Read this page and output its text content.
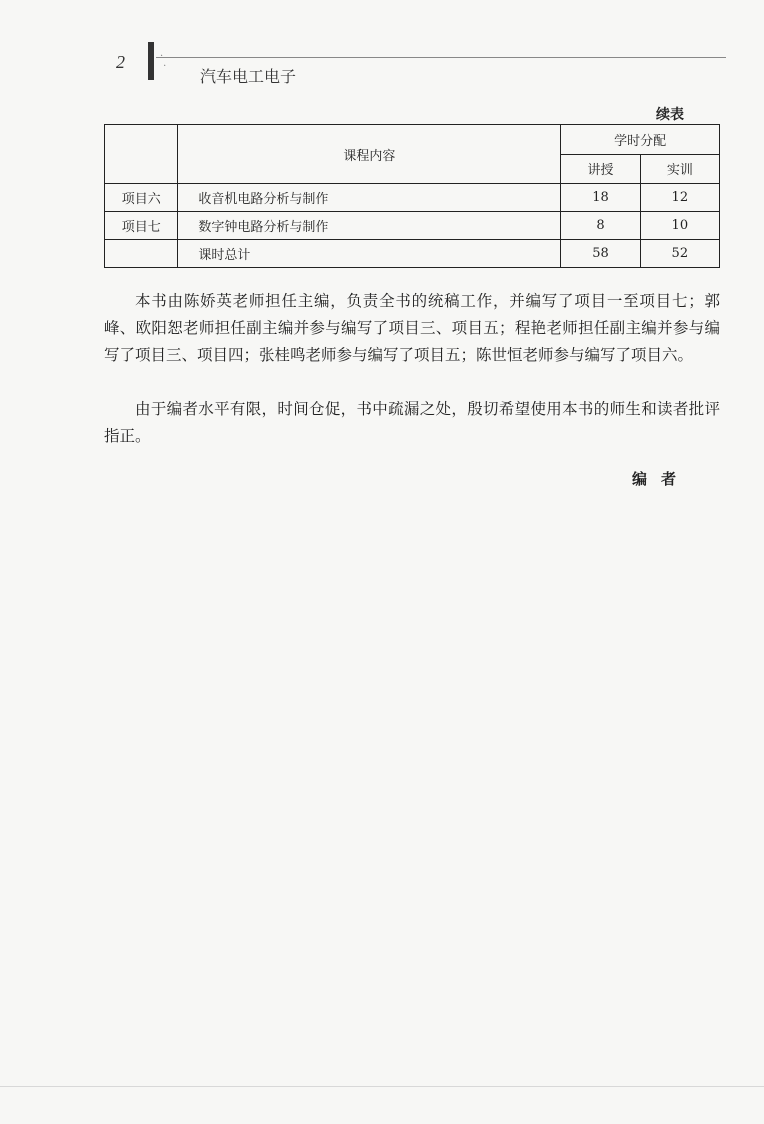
2	·
汽车电工电子
续表
	课程内容	学时分配	
		讲授	实训
项目六	收音机电路分析与制作	18	12
项目七	数字钟电路分析与制作	8	10
	课时总计	58	52

本书由陈娇英老师担任主编，负责全书的统稿工作，并编写了项目一至项目七；郭峰、欧阳恕老师担任副主编并参与编写了项目三、项目五；程艳老师担任副主编并参与编写了项目三、项目四；张桂鸣老师参与编写了项目五；陈世恒老师参与编写了项目六。

由于编者水平有限，时间仓促，书中疏漏之处，殷切希望使用本书的师生和读者批评指正。

编者
